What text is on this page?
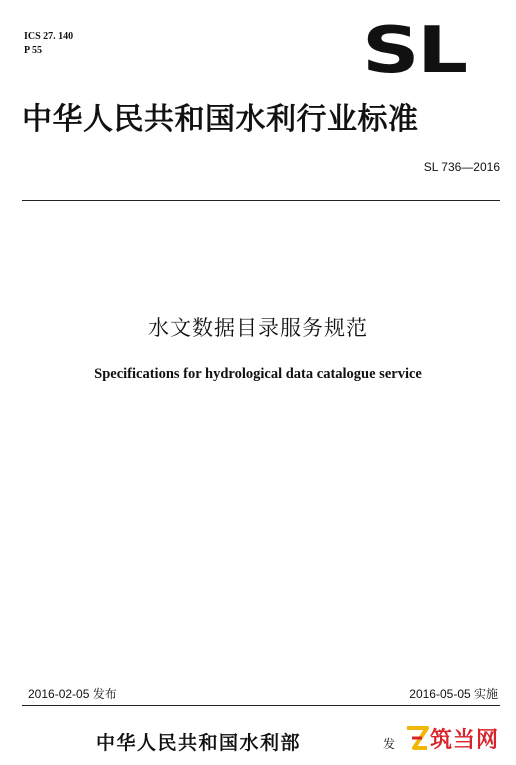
ICS 27. 140
P 55	SL
中华人民共和国水利行业标准
SL 736—2016
水文数据目录服务规范
Specifications for hydrological data catalogue service
2016-02-05 发布	2016-05-05 实施
中华人民共和国水利部	发	筑当网
